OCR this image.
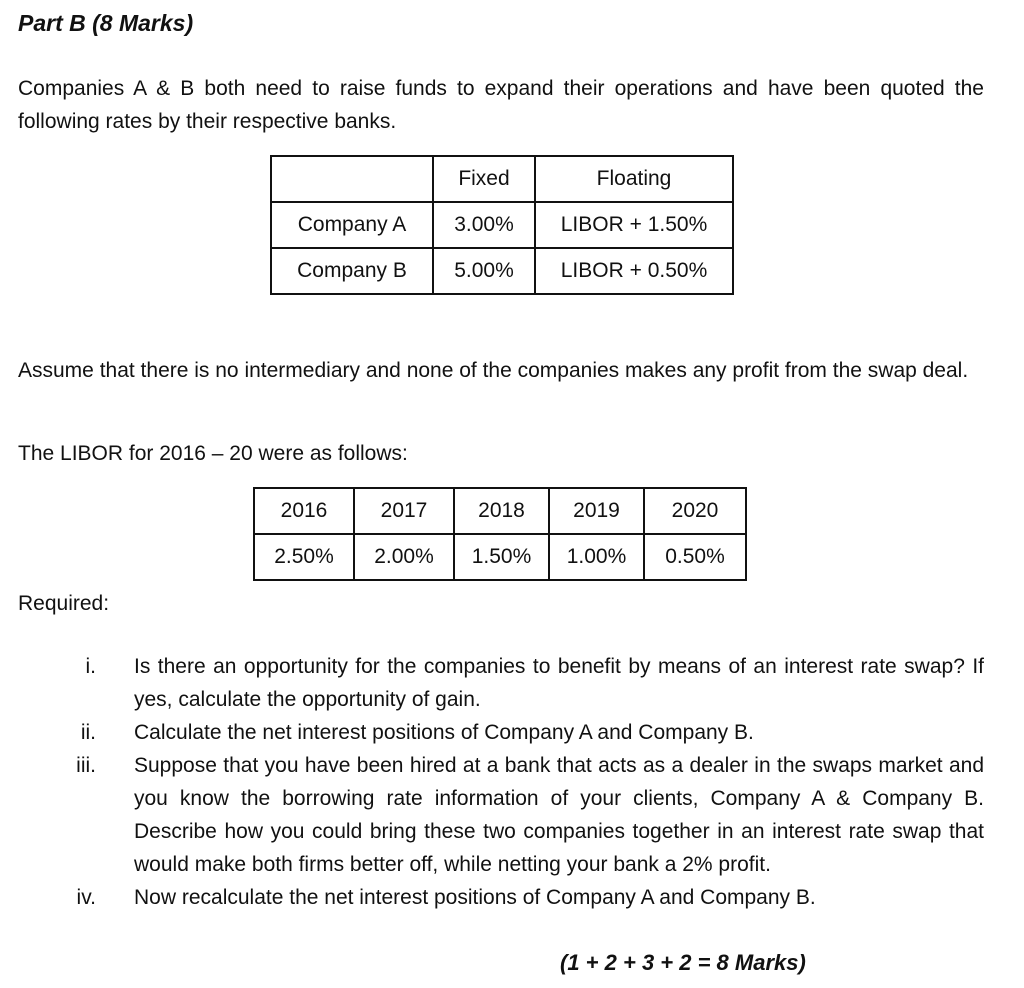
Part B (8 Marks)
Companies A & B both need to raise funds to expand their operations and have been quoted the following rates by their respective banks.
	Fixed	Floating
Company A	3.00%	LIBOR + 1.50%
Company B	5.00%	LIBOR + 0.50%
Assume that there is no intermediary and none of the companies makes any profit from the swap deal.
The LIBOR for 2016 – 20 were as follows:
2016	2017	2018	2019	2020
2.50%	2.00%	1.50%	1.00%	0.50%
Required:
i. Is there an opportunity for the companies to benefit by means of an interest rate swap? If yes, calculate the opportunity of gain.
ii. Calculate the net interest positions of Company A and Company B.
iii. Suppose that you have been hired at a bank that acts as a dealer in the swaps market and you know the borrowing rate information of your clients, Company A & Company B. Describe how you could bring these two companies together in an interest rate swap that would make both firms better off, while netting your bank a 2% profit.
iv. Now recalculate the net interest positions of Company A and Company B.
(1 + 2 + 3 + 2 = 8 Marks)
